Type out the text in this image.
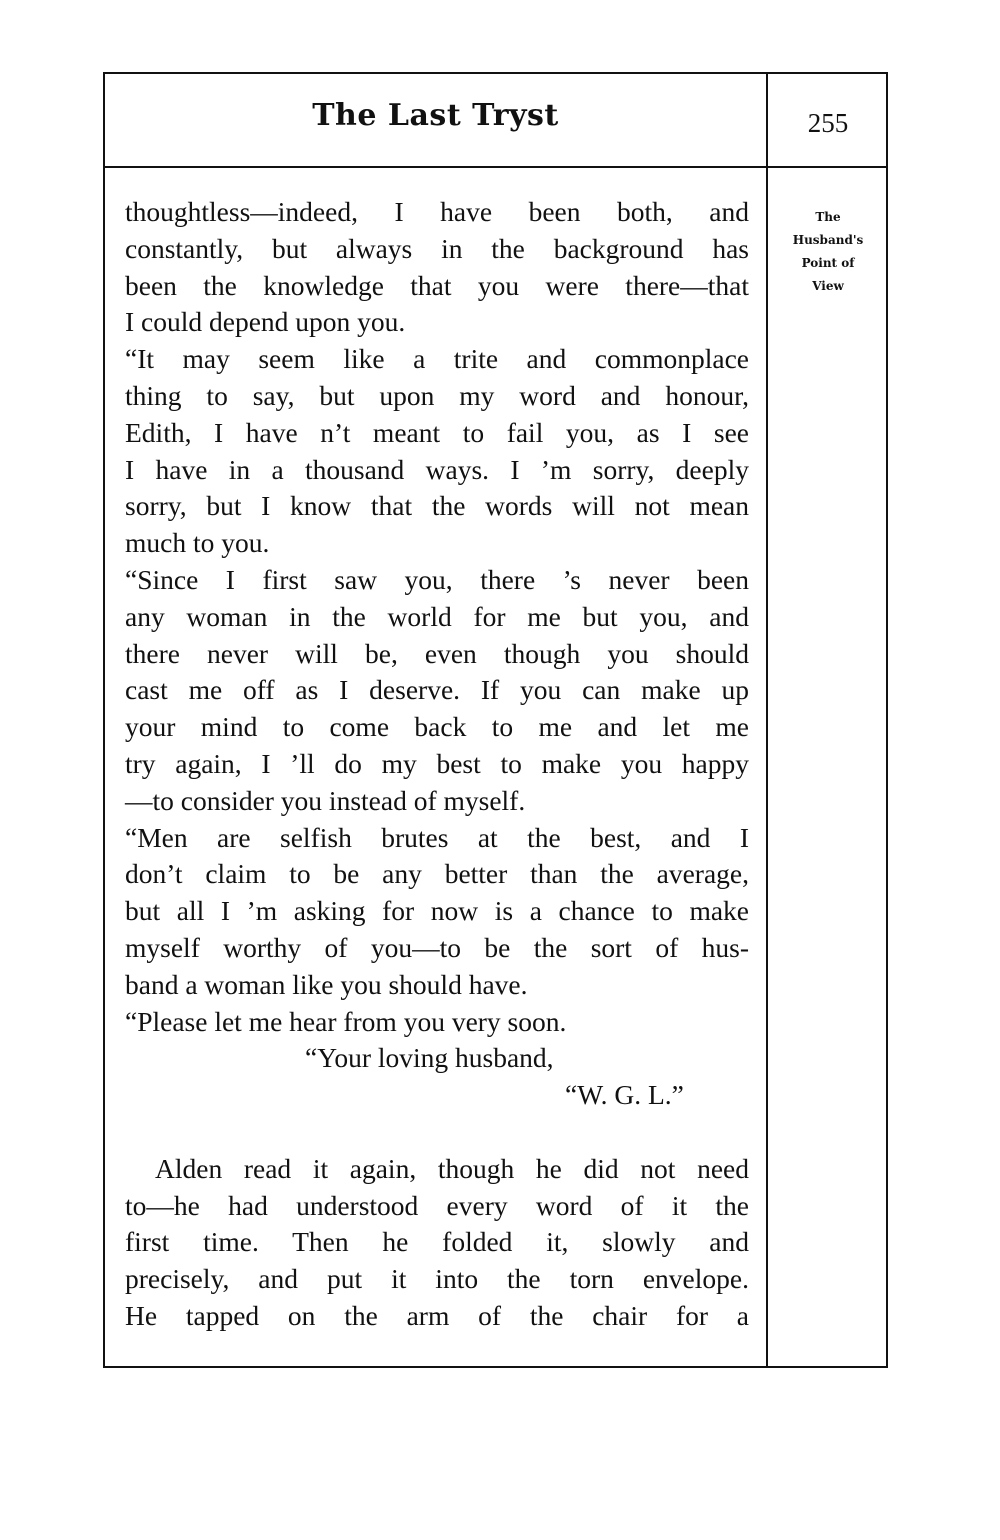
The Last Tryst	255
The
Husband's
Point of
View
thoughtless—indeed, I have been both, and
constantly, but always in the background has
been the knowledge that you were there—that
I could depend upon you.
“It may seem like a trite and commonplace
thing to say, but upon my word and honour,
Edith, I have n’t meant to fail you, as I see
I have in a thousand ways. I ’m sorry, deeply
sorry, but I know that the words will not mean
much to you.
“Since I first saw you, there ’s never been
any woman in the world for me but you, and
there never will be, even though you should
cast me off as I deserve. If you can make up
your mind to come back to me and let me
try again, I ’ll do my best to make you happy
—to consider you instead of myself.
“Men are selfish brutes at the best, and I
don’t claim to be any better than the average,
but all I ’m asking for now is a chance to make
myself worthy of you—to be the sort of hus-
band a woman like you should have.
“Please let me hear from you very soon.
“Your loving husband,
“W. G. L.”
Alden read it again, though he did not need
to—he had understood every word of it the
first time. Then he folded it, slowly and
precisely, and put it into the torn envelope.
He tapped on the arm of the chair for a
